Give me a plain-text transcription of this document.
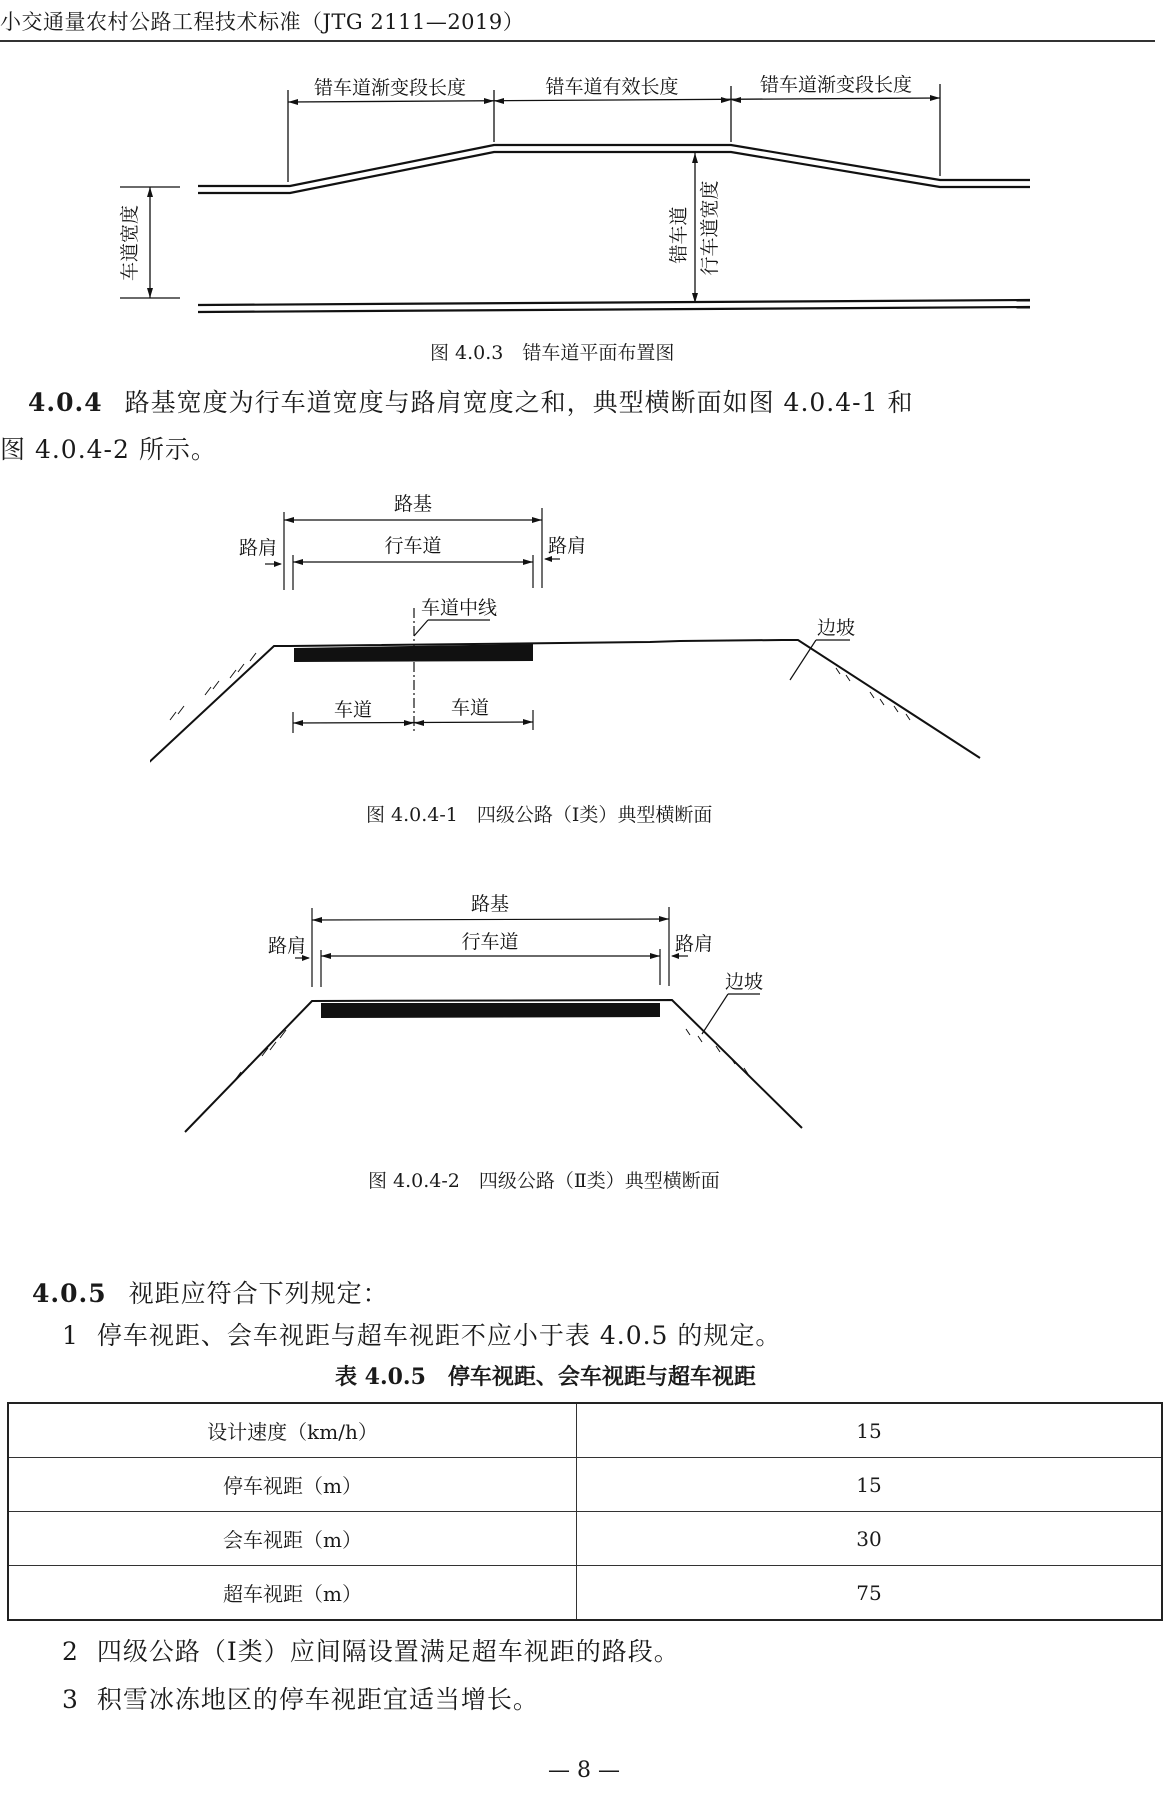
小交通量农村公路工程技术标准（JTG 2111—2019）
错车道渐变段长度	错车道有效长度	错车道渐变段长度
车道宽度	错车道 行车道宽度
图 4.0.3　错车道平面布置图
4.0.4 路基宽度为行车道宽度与路肩宽度之和，典型横断面如图 4.0.4-1 和
图 4.0.4-2 所示。
路基
路肩	路肩
行车道
车道中线
边坡
车道	车道
图 4.0.4-1　四级公路（Ⅰ类）典型横断面
路基
路肩	路肩
行车道
边坡
图 4.0.4-2　四级公路（Ⅱ类）典型横断面
4.0.5 视距应符合下列规定：
1 停车视距、会车视距与超车视距不应小于表 4.0.5 的规定。
表 4.0.5　停车视距、会车视距与超车视距
设计速度（km/h）	15
停车视距（m）	15
会车视距（m）	30
超车视距（m）	75
2 四级公路（Ⅰ类）应间隔设置满足超车视距的路段。
3 积雪冰冻地区的停车视距宜适当增长。
— 8 —
